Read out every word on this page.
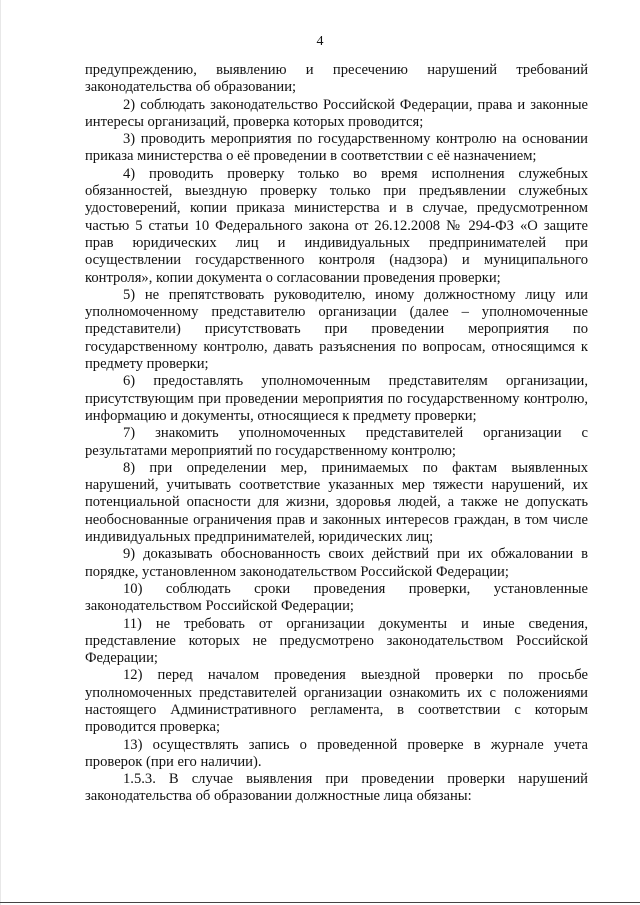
4

предупреждению, выявлению и пресечению нарушений требований законодательства об образовании;

2) соблюдать законодательство Российской Федерации, права и законные интересы организаций, проверка которых проводится;

3) проводить мероприятия по государственному контролю на основании приказа министерства о её проведении в соответствии с её назначением;

4) проводить проверку только во время исполнения служебных обязанностей, выездную проверку только при предъявлении служебных удостоверений, копии приказа министерства и в случае, предусмотренном частью 5 статьи 10 Федерального закона от 26.12.2008 № 294-ФЗ «О защите прав юридических лиц и индивидуальных предпринимателей при осуществлении государственного контроля (надзора) и муниципального контроля», копии документа о согласовании проведения проверки;

5) не препятствовать руководителю, иному должностному лицу или уполномоченному представителю организации (далее – уполномоченные представители) присутствовать при проведении мероприятия по государственному контролю, давать разъяснения по вопросам, относящимся к предмету проверки;

6) предоставлять уполномоченным представителям организации, присутствующим при проведении мероприятия по государственному контролю, информацию и документы, относящиеся к предмету проверки;

7) знакомить уполномоченных представителей организации с результатами мероприятий по государственному контролю;

8) при определении мер, принимаемых по фактам выявленных нарушений, учитывать соответствие указанных мер тяжести нарушений, их потенциальной опасности для жизни, здоровья людей, а также не допускать необоснованные ограничения прав и законных интересов граждан, в том числе индивидуальных предпринимателей, юридических лиц;

9) доказывать обоснованность своих действий при их обжаловании в порядке, установленном законодательством Российской Федерации;

10) соблюдать сроки проведения проверки, установленные законодательством Российской Федерации;

11) не требовать от организации документы и иные сведения, представление которых не предусмотрено законодательством Российской Федерации;

12) перед началом проведения выездной проверки по просьбе уполномоченных представителей организации ознакомить их с положениями настоящего Административного регламента, в соответствии с которым проводится проверка;

13) осуществлять запись о проведенной проверке в журнале учета проверок (при его наличии).

1.5.3. В случае выявления при проведении проверки нарушений законодательства об образовании должностные лица обязаны:
